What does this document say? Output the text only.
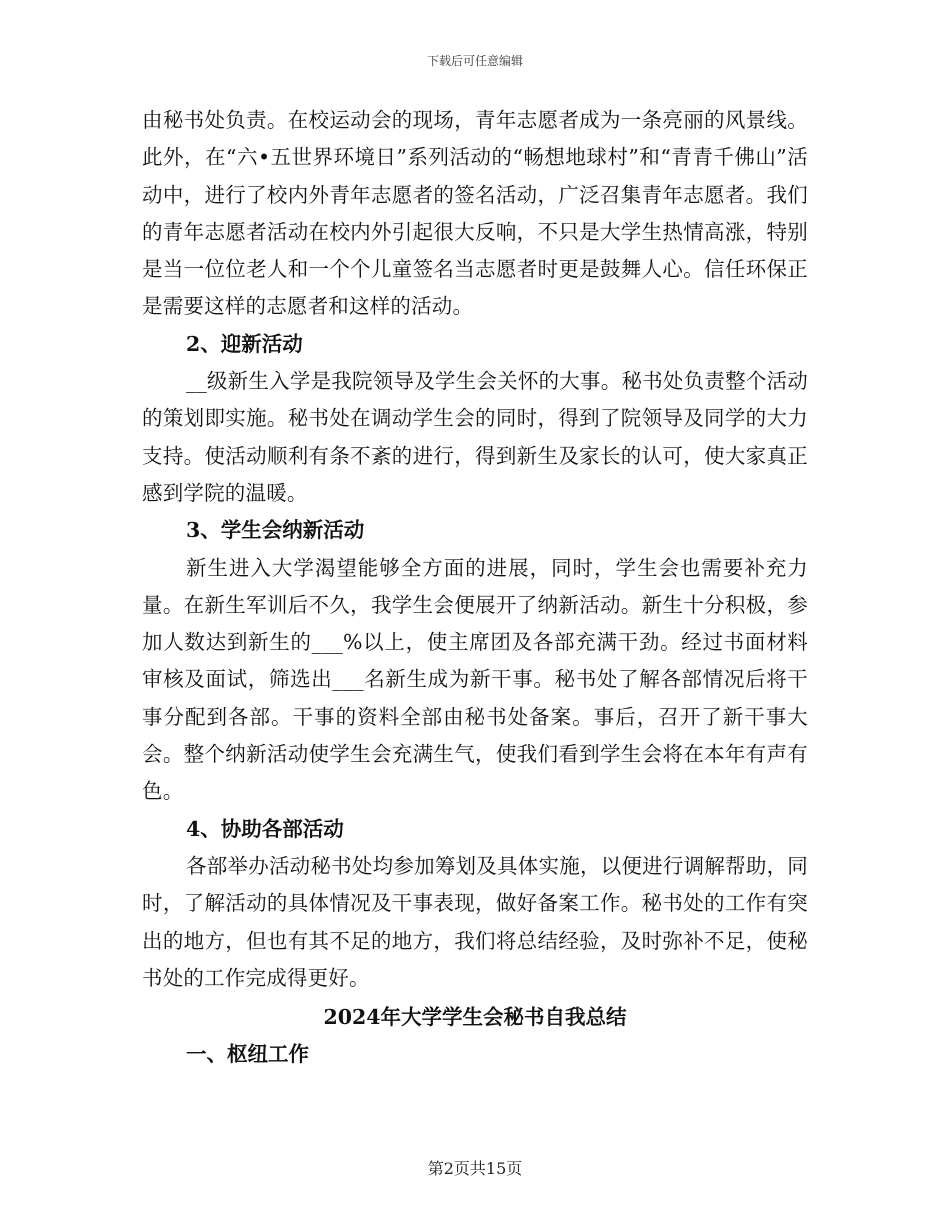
下载后可任意编辑

由秘书处负责。在校运动会的现场，青年志愿者成为一条亮丽的风景线。此外，在“六•五世界环境日”系列活动的“畅想地球村”和“青青千佛山”活动中，进行了校内外青年志愿者的签名活动，广泛召集青年志愿者。我们的青年志愿者活动在校内外引起很大反响，不只是大学生热情高涨，特别是当一位位老人和一个个儿童签名当志愿者时更是鼓舞人心。信任环保正是需要这样的志愿者和这样的活动。

2、迎新活动

__级新生入学是我院领导及学生会关怀的大事。秘书处负责整个活动的策划即实施。秘书处在调动学生会的同时，得到了院领导及同学的大力支持。使活动顺利有条不紊的进行，得到新生及家长的认可，使大家真正感到学院的温暖。

3、学生会纳新活动

新生进入大学渴望能够全方面的进展，同时，学生会也需要补充力量。在新生军训后不久，我学生会便展开了纳新活动。新生十分积极，参加人数达到新生的___%以上，使主席团及各部充满干劲。经过书面材料审核及面试，筛选出___名新生成为新干事。秘书处了解各部情况后将干事分配到各部。干事的资料全部由秘书处备案。事后，召开了新干事大会。整个纳新活动使学生会充满生气，使我们看到学生会将在本年有声有色。

4、协助各部活动

各部举办活动秘书处均参加筹划及具体实施，以便进行调解帮助，同时，了解活动的具体情况及干事表现，做好备案工作。秘书处的工作有突出的地方，但也有其不足的地方，我们将总结经验，及时弥补不足，使秘书处的工作完成得更好。

2024年大学学生会秘书自我总结

一、枢纽工作

第2页共15页
